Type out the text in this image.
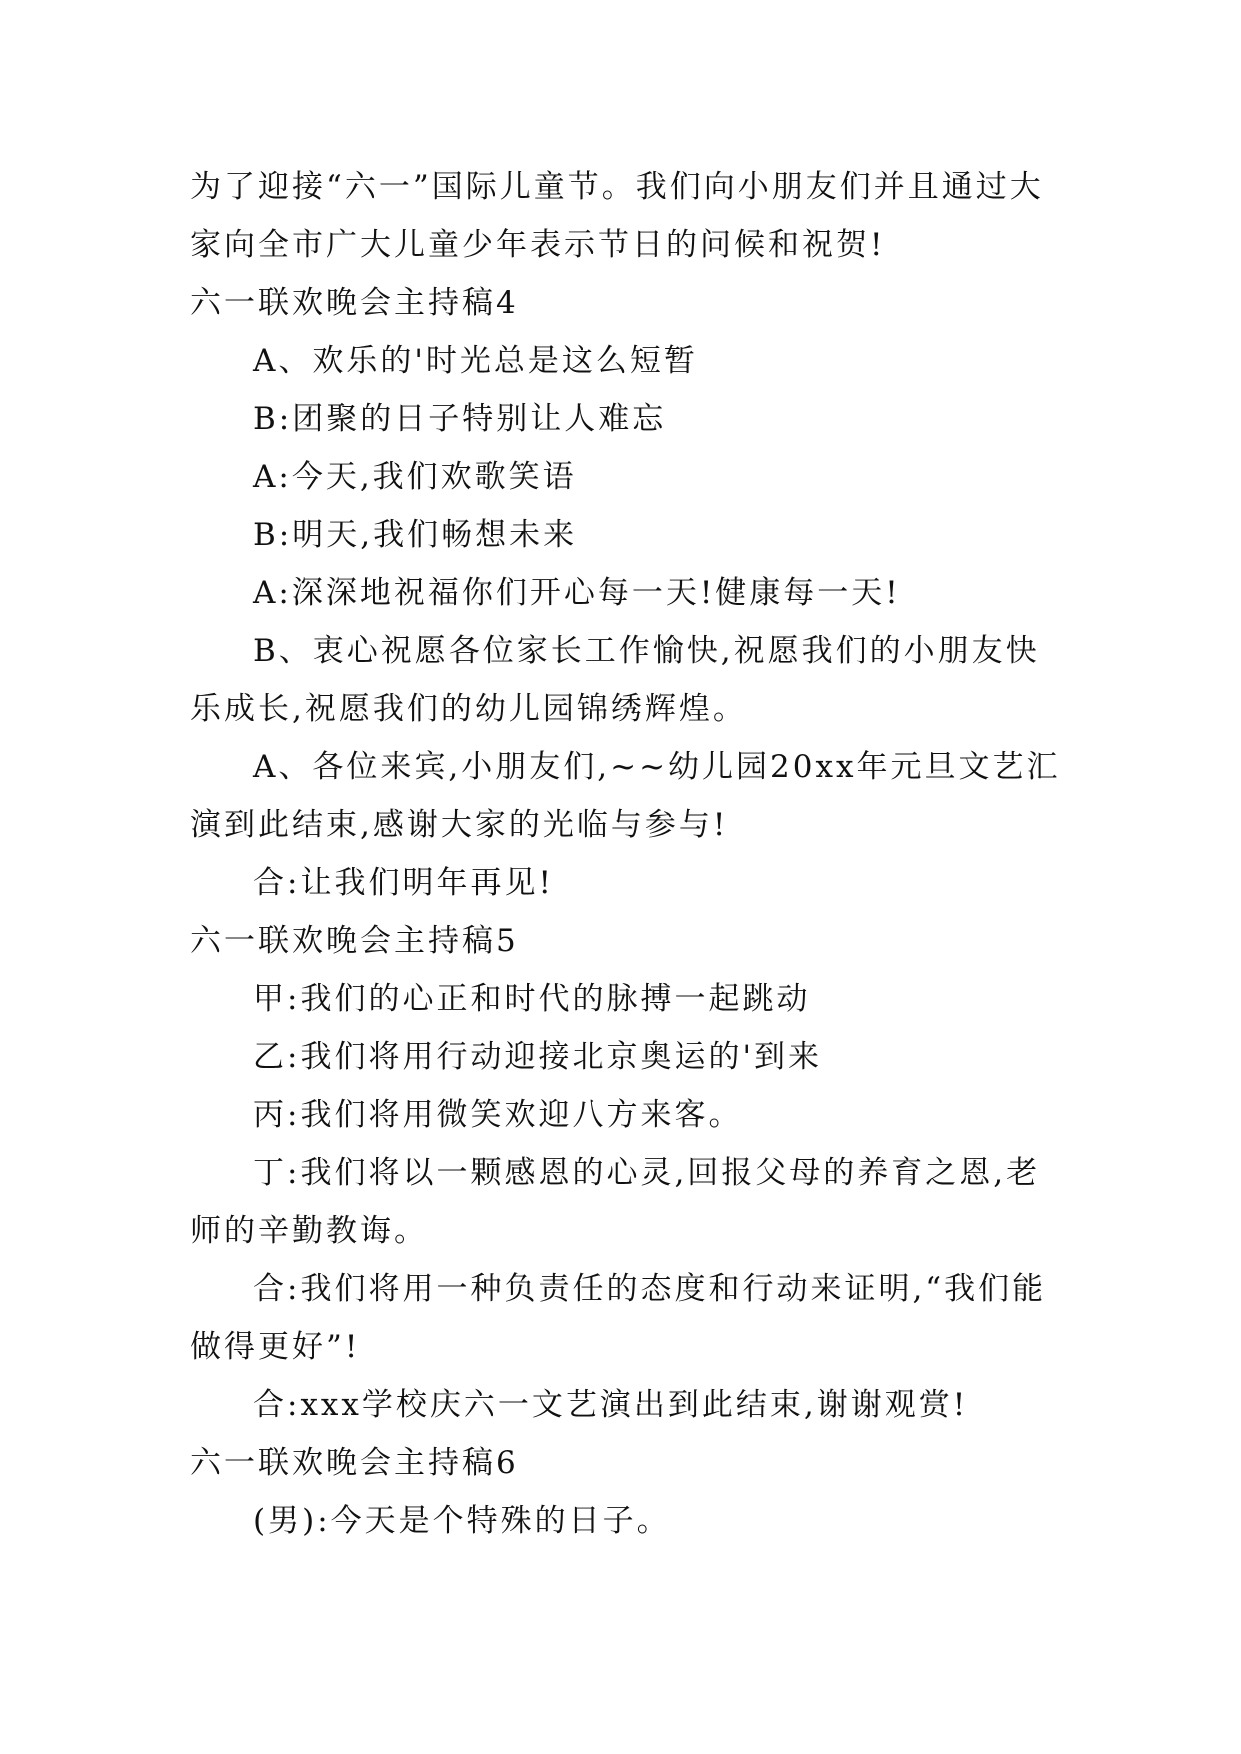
为了迎接“六一”国际儿童节。我们向小朋友们并且通过大家向全市广大儿童少年表示节日的问候和祝贺!

六一联欢晚会主持稿4

A、欢乐的'时光总是这么短暂

B:团聚的日子特别让人难忘

A:今天,我们欢歌笑语

B:明天,我们畅想未来

A:深深地祝福你们开心每一天!健康每一天!

B、衷心祝愿各位家长工作愉快,祝愿我们的小朋友快乐成长,祝愿我们的幼儿园锦绣辉煌。

A、各位来宾,小朋友们,~~幼儿园20xx年元旦文艺汇演到此结束,感谢大家的光临与参与!

合:让我们明年再见!

六一联欢晚会主持稿5

甲:我们的心正和时代的脉搏一起跳动

乙:我们将用行动迎接北京奥运的'到来

丙:我们将用微笑欢迎八方来客。

丁:我们将以一颗感恩的心灵,回报父母的养育之恩,老师的辛勤教诲。

合:我们将用一种负责任的态度和行动来证明,“我们能做得更好”!

合:xxx学校庆六一文艺演出到此结束,谢谢观赏!

六一联欢晚会主持稿6

(男):今天是个特殊的日子。
